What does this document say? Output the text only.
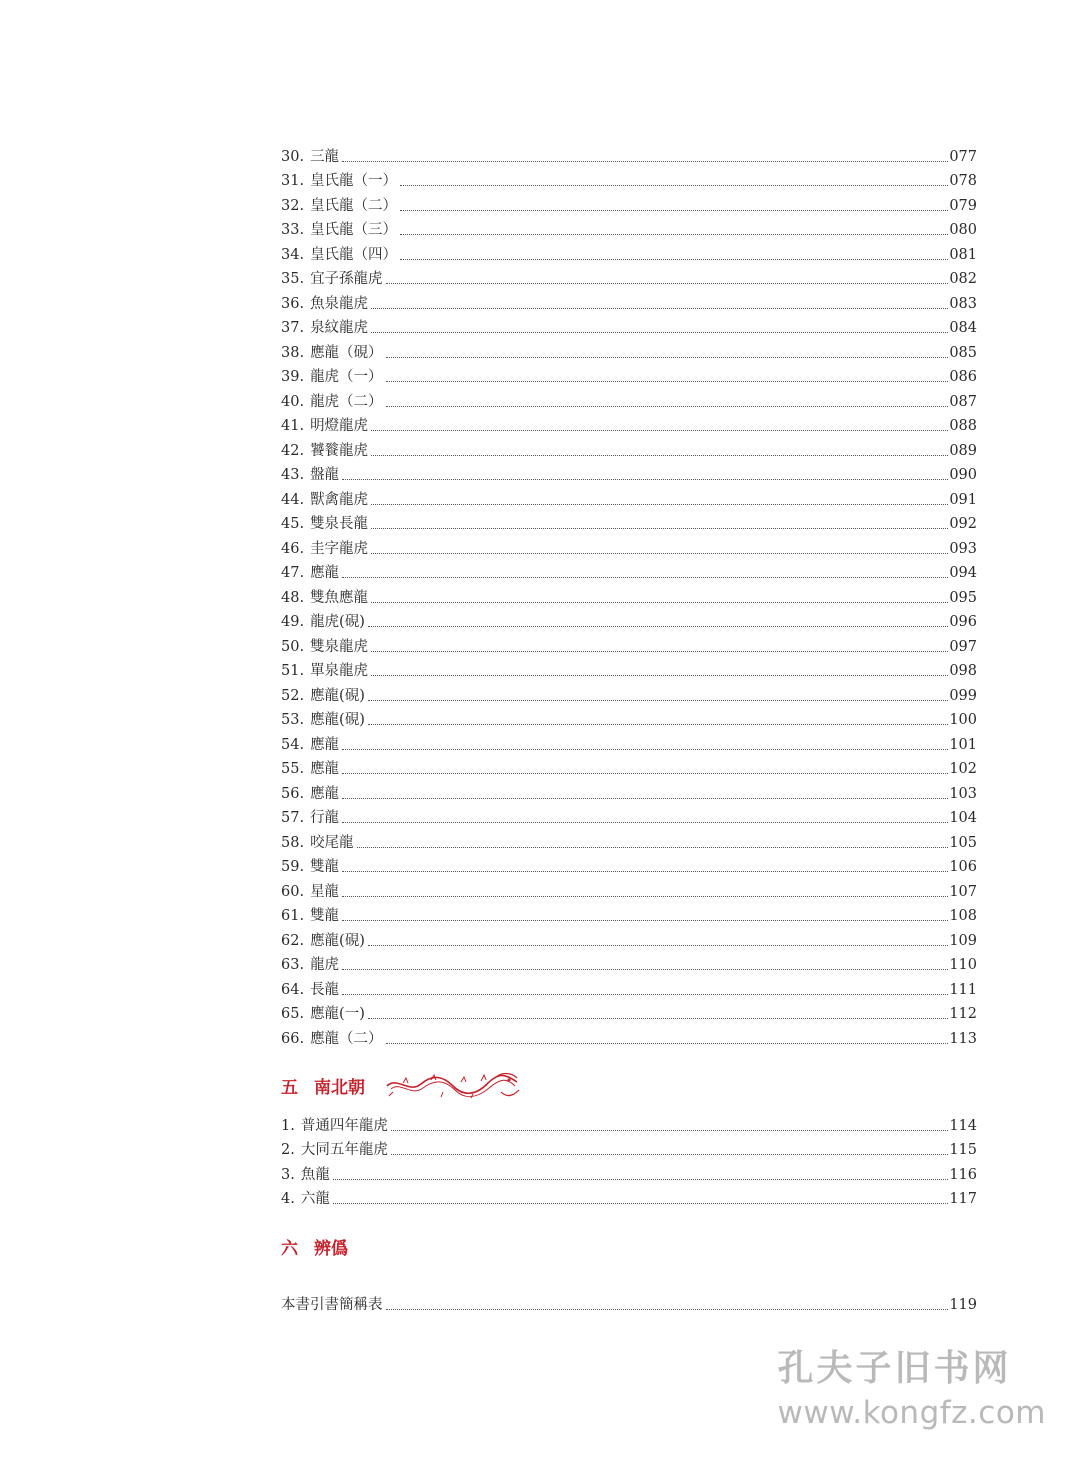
30. 三龍	077
31. 皇氏龍（一）	078
32. 皇氏龍（二）	079
33. 皇氏龍（三）	080
34. 皇氏龍（四）	081
35. 宜子孫龍虎	082
36. 魚泉龍虎	083
37. 泉紋龍虎	084
38. 應龍（硯）	085
39. 龍虎（一）	086
40. 龍虎（二）	087
41. 明燈龍虎	088
42. 饕餮龍虎	089
43. 盤龍	090
44. 獸禽龍虎	091
45. 雙泉長龍	092
46. 圭字龍虎	093
47. 應龍	094
48. 雙魚應龍	095
49. 龍虎(硯)	096
50. 雙泉龍虎	097
51. 單泉龍虎	098
52. 應龍(硯)	099
53. 應龍(硯)	100
54. 應龍	101
55. 應龍	102
56. 應龍	103
57. 行龍	104
58. 咬尾龍	105
59. 雙龍	106
60. 星龍	107
61. 雙龍	108
62. 應龍(硯)	109
63. 龍虎	110
64. 長龍	111
65. 應龍(一)	112
66. 應龍（二）	113
五 南北朝
1. 普通四年龍虎	114
2. 大同五年龍虎	115
3. 魚龍	116
4. 六龍	117
六 辨僞
本書引書簡稱表	119
孔夫子旧书网
www.kongfz.com
